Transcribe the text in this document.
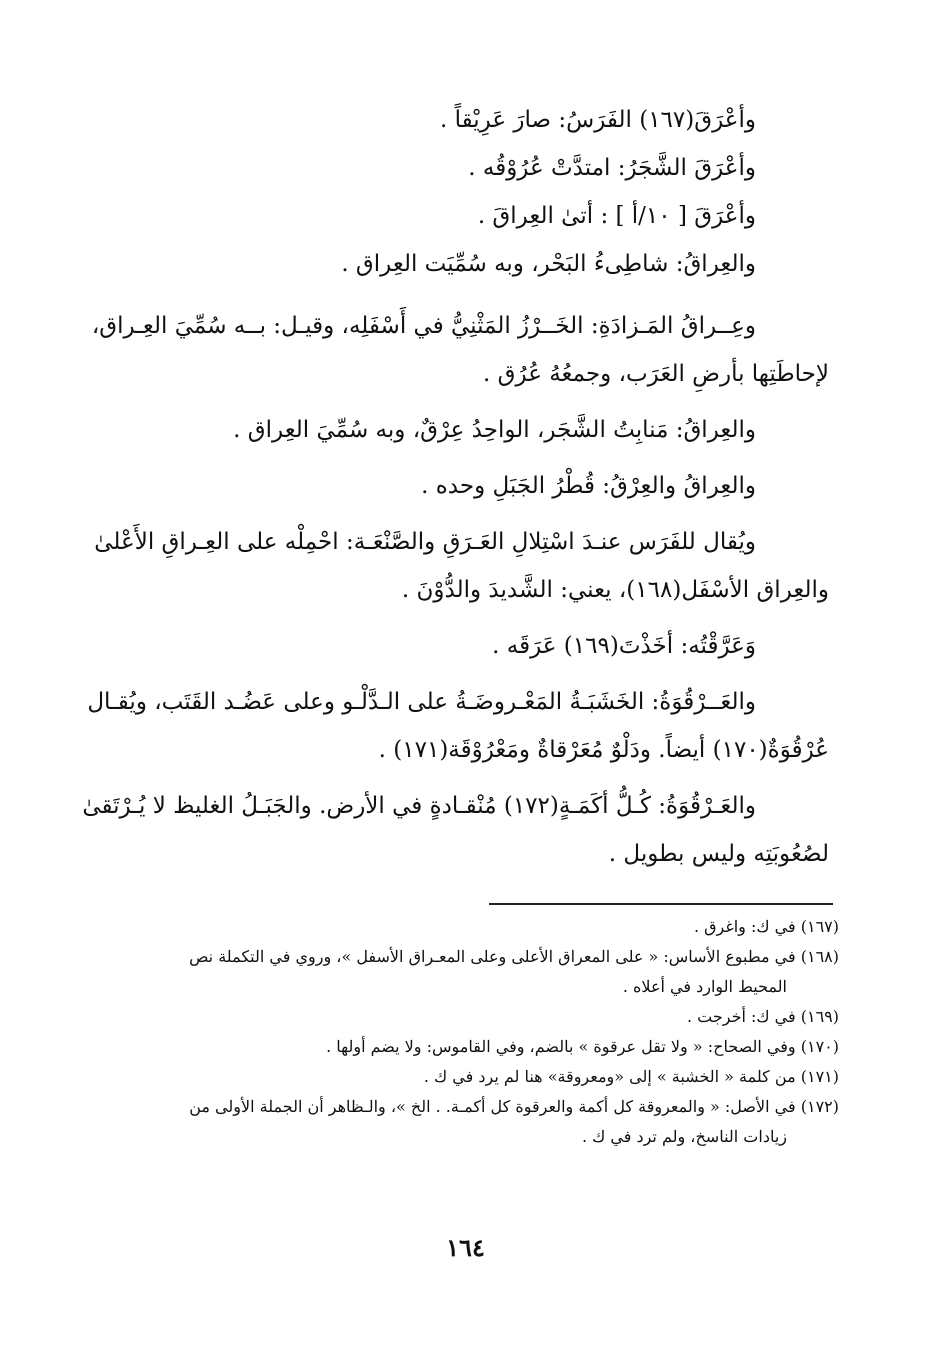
وأعْرَقَ(١٦٧) الفَرَسُ: صارَ عَرِيْقاً .
وأعْرَقَ الشَّجَرُ: امتدَّتْ عُرُوْقُه .
وأعْرَقَ [ ١٠/أ ] : أتىٰ العِراقَ .
والعِراقُ: شاطِىءُ البَحْر، وبه سُمِّيَت العِراق .
وعِــراقُ المَـزادَةِ: الخَــرْزُ المَثْنِيُّ في أَسْفَلِه، وقيـل: بــه سُمِّيَ العِـراق،
لإحاطَتِها بأرضِ العَرَب، وجمعُهُ عُرُق .
والعِراقُ: مَنابِتُ الشَّجَر، الواحِدُ عِرْقٌ، وبه سُمِّيَ العِراق .
والعِراقُ والعِرْقُ: قُطْرُ الجَبَلِ وحده .
ويُقال للفَرَس عنـدَ اسْتِلالِ العَـرَقِ والصَّنْعَـة: احْمِلْه على العِـراقِ الأَعْلىٰ
والعِراق الأسْفَل(١٦٨)، يعني: الشَّديدَ والدُّوْنَ .
وَعَرَّقْتُه: أخَذْتَ(١٦٩) عَرَقَه .
والعَــرْقُوَةُ: الخَشَبَـةُ المَعْـروضَـةُ على الـدَّلْـو وعلى عَضُـد القَتَب، ويُقـال
عُرْقُوَةٌ(١٧٠) أيضاً. ودَلْوٌ مُعَرْقاةٌ ومَعْرُوْقَة(١٧١) .
والعَـرْقُوَةُ: كُـلُّ أكَمَـةٍ(١٧٢) مُنْقـادةٍ في الأرض. والجَبَـلُ الغليظ لا يُـرْتَقىٰ
لصُعُوبَتِه وليس بطويل .
(١٦٧) في ك: واغرق .
(١٦٨) في مطبوع الأساس: « على المعراق الأعلى وعلى المعـراق الأسفل »، وروي في التكملة نص
المحيط الوارد في أعلاه .
(١٦٩) في ك: أخرجت .
(١٧٠) وفي الصحاح: « ولا تقل عرقوة » بالضم، وفي القاموس: ولا يضم أولها .
(١٧١) من كلمة « الخشبة » إلى «ومعروقة» هنا لم يرد في ك .
(١٧٢) في الأصل: « والمعروقة كل أكمة والعرقوة كل أكمـة. . الخ »، والـظاهر أن الجملة الأولى من
زيادات الناسخ، ولم ترد في ك .
١٦٤
